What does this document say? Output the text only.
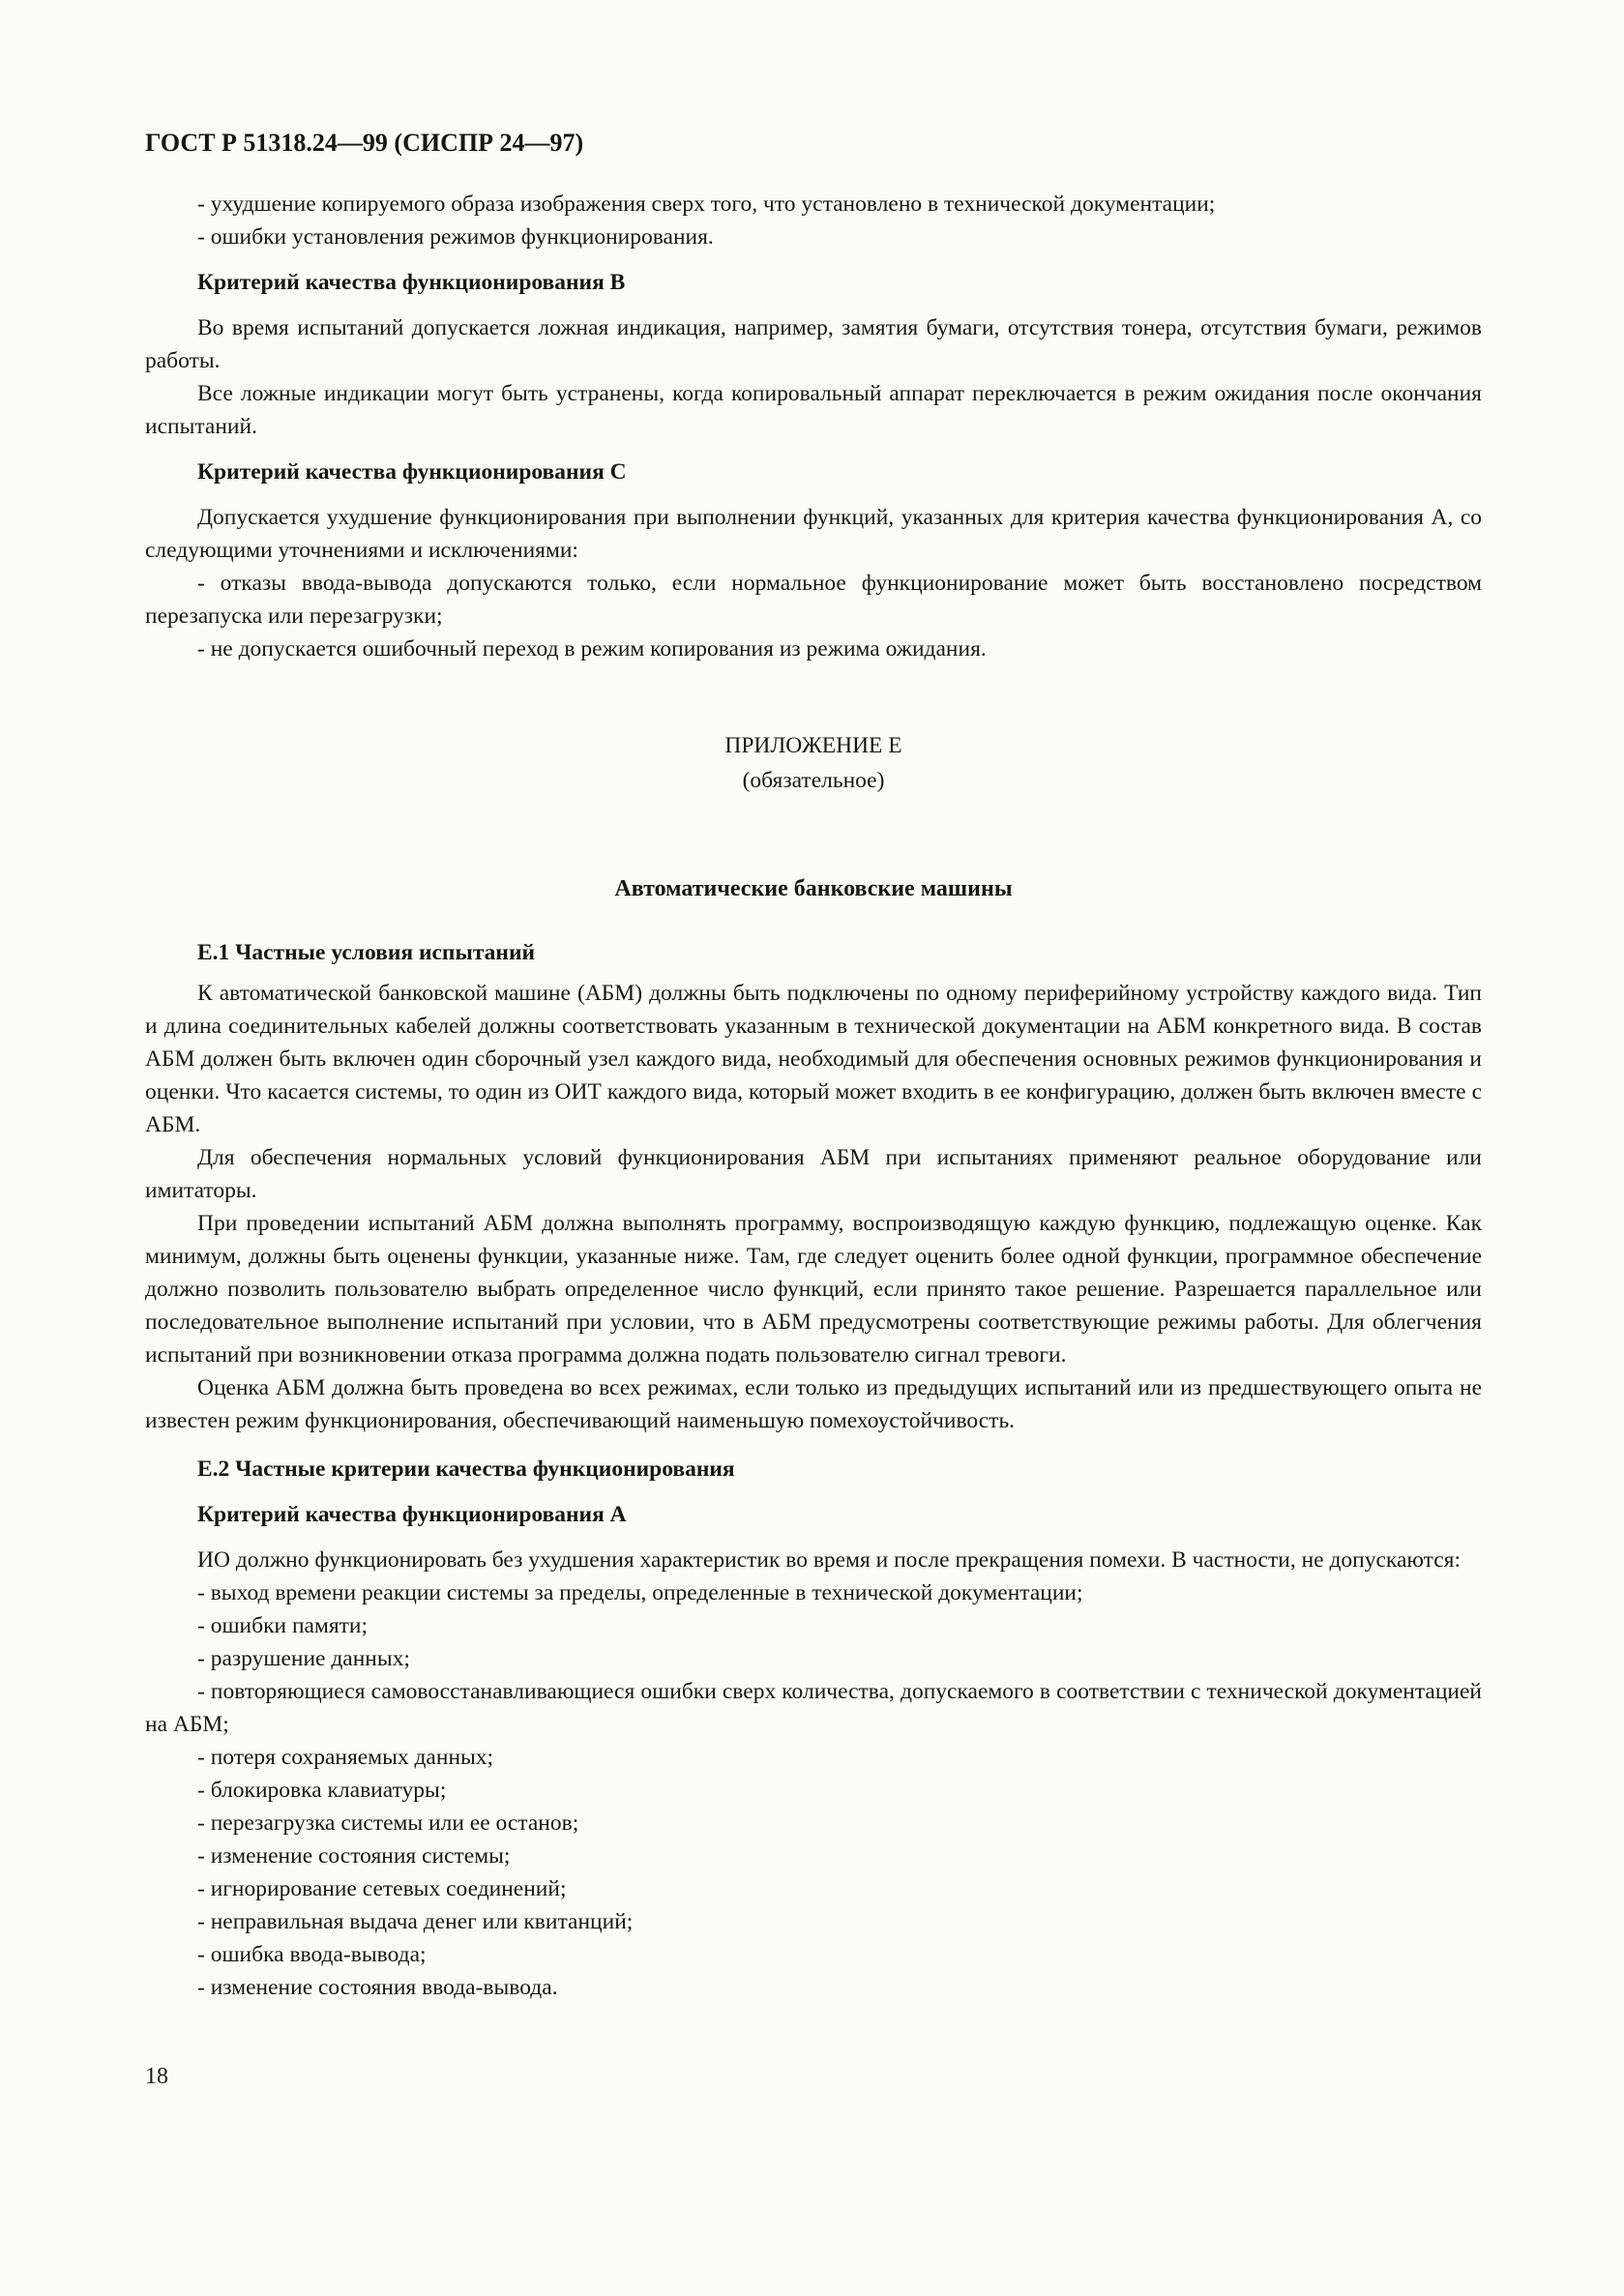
ГОСТ Р 51318.24—99 (СИСПР 24—97)

- ухудшение копируемого образа изображения сверх того, что установлено в технической документации;

- ошибки установления режимов функционирования.

Критерий качества функционирования В

Во время испытаний допускается ложная индикация, например, замятия бумаги, отсутствия тонера, отсутствия бумаги, режимов работы.

Все ложные индикации могут быть устранены, когда копировальный аппарат переключается в режим ожидания после окончания испытаний.

Критерий качества функционирования С

Допускается ухудшение функционирования при выполнении функций, указанных для критерия качества функционирования А, со следующими уточнениями и исключениями:

- отказы ввода-вывода допускаются только, если нормальное функционирование может быть восстановлено посредством перезапуска или перезагрузки;

- не допускается ошибочный переход в режим копирования из режима ожидания.

ПРИЛОЖЕНИЕ Е

(обязательное)

Автоматические банковские машины

Е.1 Частные условия испытаний

К автоматической банковской машине (АБМ) должны быть подключены по одному периферийному устройству каждого вида. Тип и длина соединительных кабелей должны соответствовать указанным в технической документации на АБМ конкретного вида. В состав АБМ должен быть включен один сборочный узел каждого вида, необходимый для обеспечения основных режимов функционирования и оценки. Что касается системы, то один из ОИТ каждого вида, который может входить в ее конфигурацию, должен быть включен вместе с АБМ.

Для обеспечения нормальных условий функционирования АБМ при испытаниях применяют реальное оборудование или имитаторы.

При проведении испытаний АБМ должна выполнять программу, воспроизводящую каждую функцию, подлежащую оценке. Как минимум, должны быть оценены функции, указанные ниже. Там, где следует оценить более одной функции, программное обеспечение должно позволить пользователю выбрать определенное число функций, если принято такое решение. Разрешается параллельное или последовательное выполнение испытаний при условии, что в АБМ предусмотрены соответствующие режимы работы. Для облегчения испытаний при возникновении отказа программа должна подать пользователю сигнал тревоги.

Оценка АБМ должна быть проведена во всех режимах, если только из предыдущих испытаний или из предшествующего опыта не известен режим функционирования, обеспечивающий наименьшую помехоустойчивость.

Е.2 Частные критерии качества функционирования

Критерий качества функционирования А

ИО должно функционировать без ухудшения характеристик во время и после прекращения помехи. В частности, не допускаются:

- выход времени реакции системы за пределы, определенные в технической документации;

- ошибки памяти;

- разрушение данных;

- повторяющиеся самовосстанавливающиеся ошибки сверх количества, допускаемого в соответствии с технической документацией на АБМ;

- потеря сохраняемых данных;

- блокировка клавиатуры;

- перезагрузка системы или ее останов;

- изменение состояния системы;

- игнорирование сетевых соединений;

- неправильная выдача денег или квитанций;

- ошибка ввода-вывода;

- изменение состояния ввода-вывода.

18
